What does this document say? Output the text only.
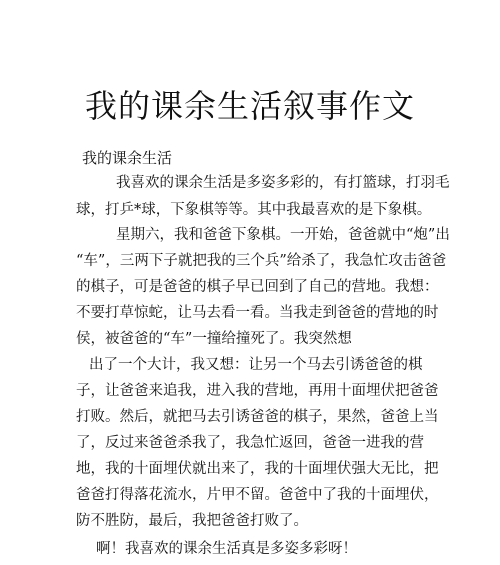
我的课余生活叙事作文

我的课余生活

我喜欢的课余生活是多姿多彩的，有打篮球，打羽毛

球，打乒*球，下象棋等等。其中我最喜欢的是下象棋。

星期六，我和爸爸下象棋。一开始，爸爸就中“炮”出

“车”，三两下子就把我的三个兵”给杀了，我急忙攻击爸爸

的棋子，可是爸爸的棋子早已回到了自己的营地。我想：

不要打草惊蛇，让马去看一看。当我走到爸爸的营地的时

侯，被爸爸的“车”一撞给撞死了。我突然想

出了一个大计，我又想：让另一个马去引诱爸爸的棋

子，让爸爸来追我，进入我的营地，再用十面埋伏把爸爸

打败。然后，就把马去引诱爸爸的棋子，果然，爸爸上当

了，反过来爸爸杀我了，我急忙返回，爸爸一进我的营

地，我的十面埋伏就出来了，我的十面埋伏强大无比，把

爸爸打得落花流水，片甲不留。爸爸中了我的十面埋伏，

防不胜防，最后，我把爸爸打败了。

啊！我喜欢的课余生活真是多姿多彩呀！
